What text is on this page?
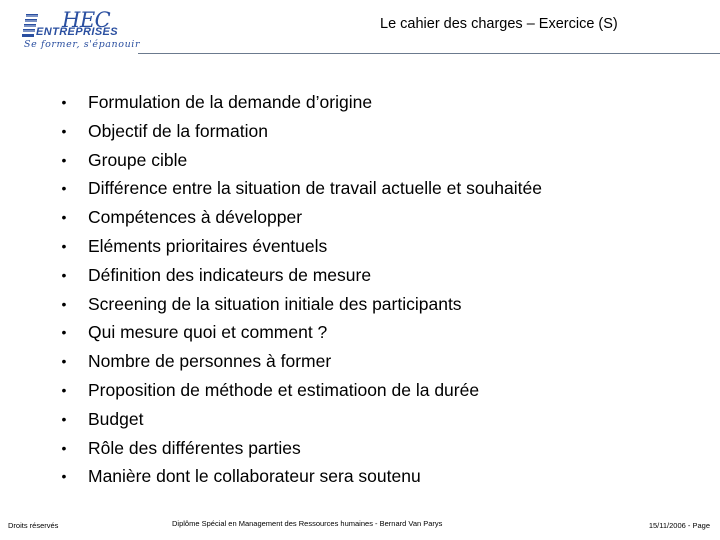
HEC
ENTREPRISES
Se former, s'épanouir
Le cahier des charges – Exercice (S)
• Formulation de la demande d’origine
• Objectif de la formation
• Groupe cible
• Différence entre la situation de travail actuelle et souhaitée
• Compétences à développer
• Eléments prioritaires éventuels
• Définition des indicateurs de mesure
• Screening de la situation initiale des participants
• Qui mesure quoi et comment ?
• Nombre de personnes à former
• Proposition de méthode et estimatioon de la durée
• Budget
• Rôle des différentes parties
• Manière dont le collaborateur sera soutenu
Droits réservés	Diplôme Spécial en Management des Ressources humaines - Bernard Van Parys	15/11/2006 - Page
